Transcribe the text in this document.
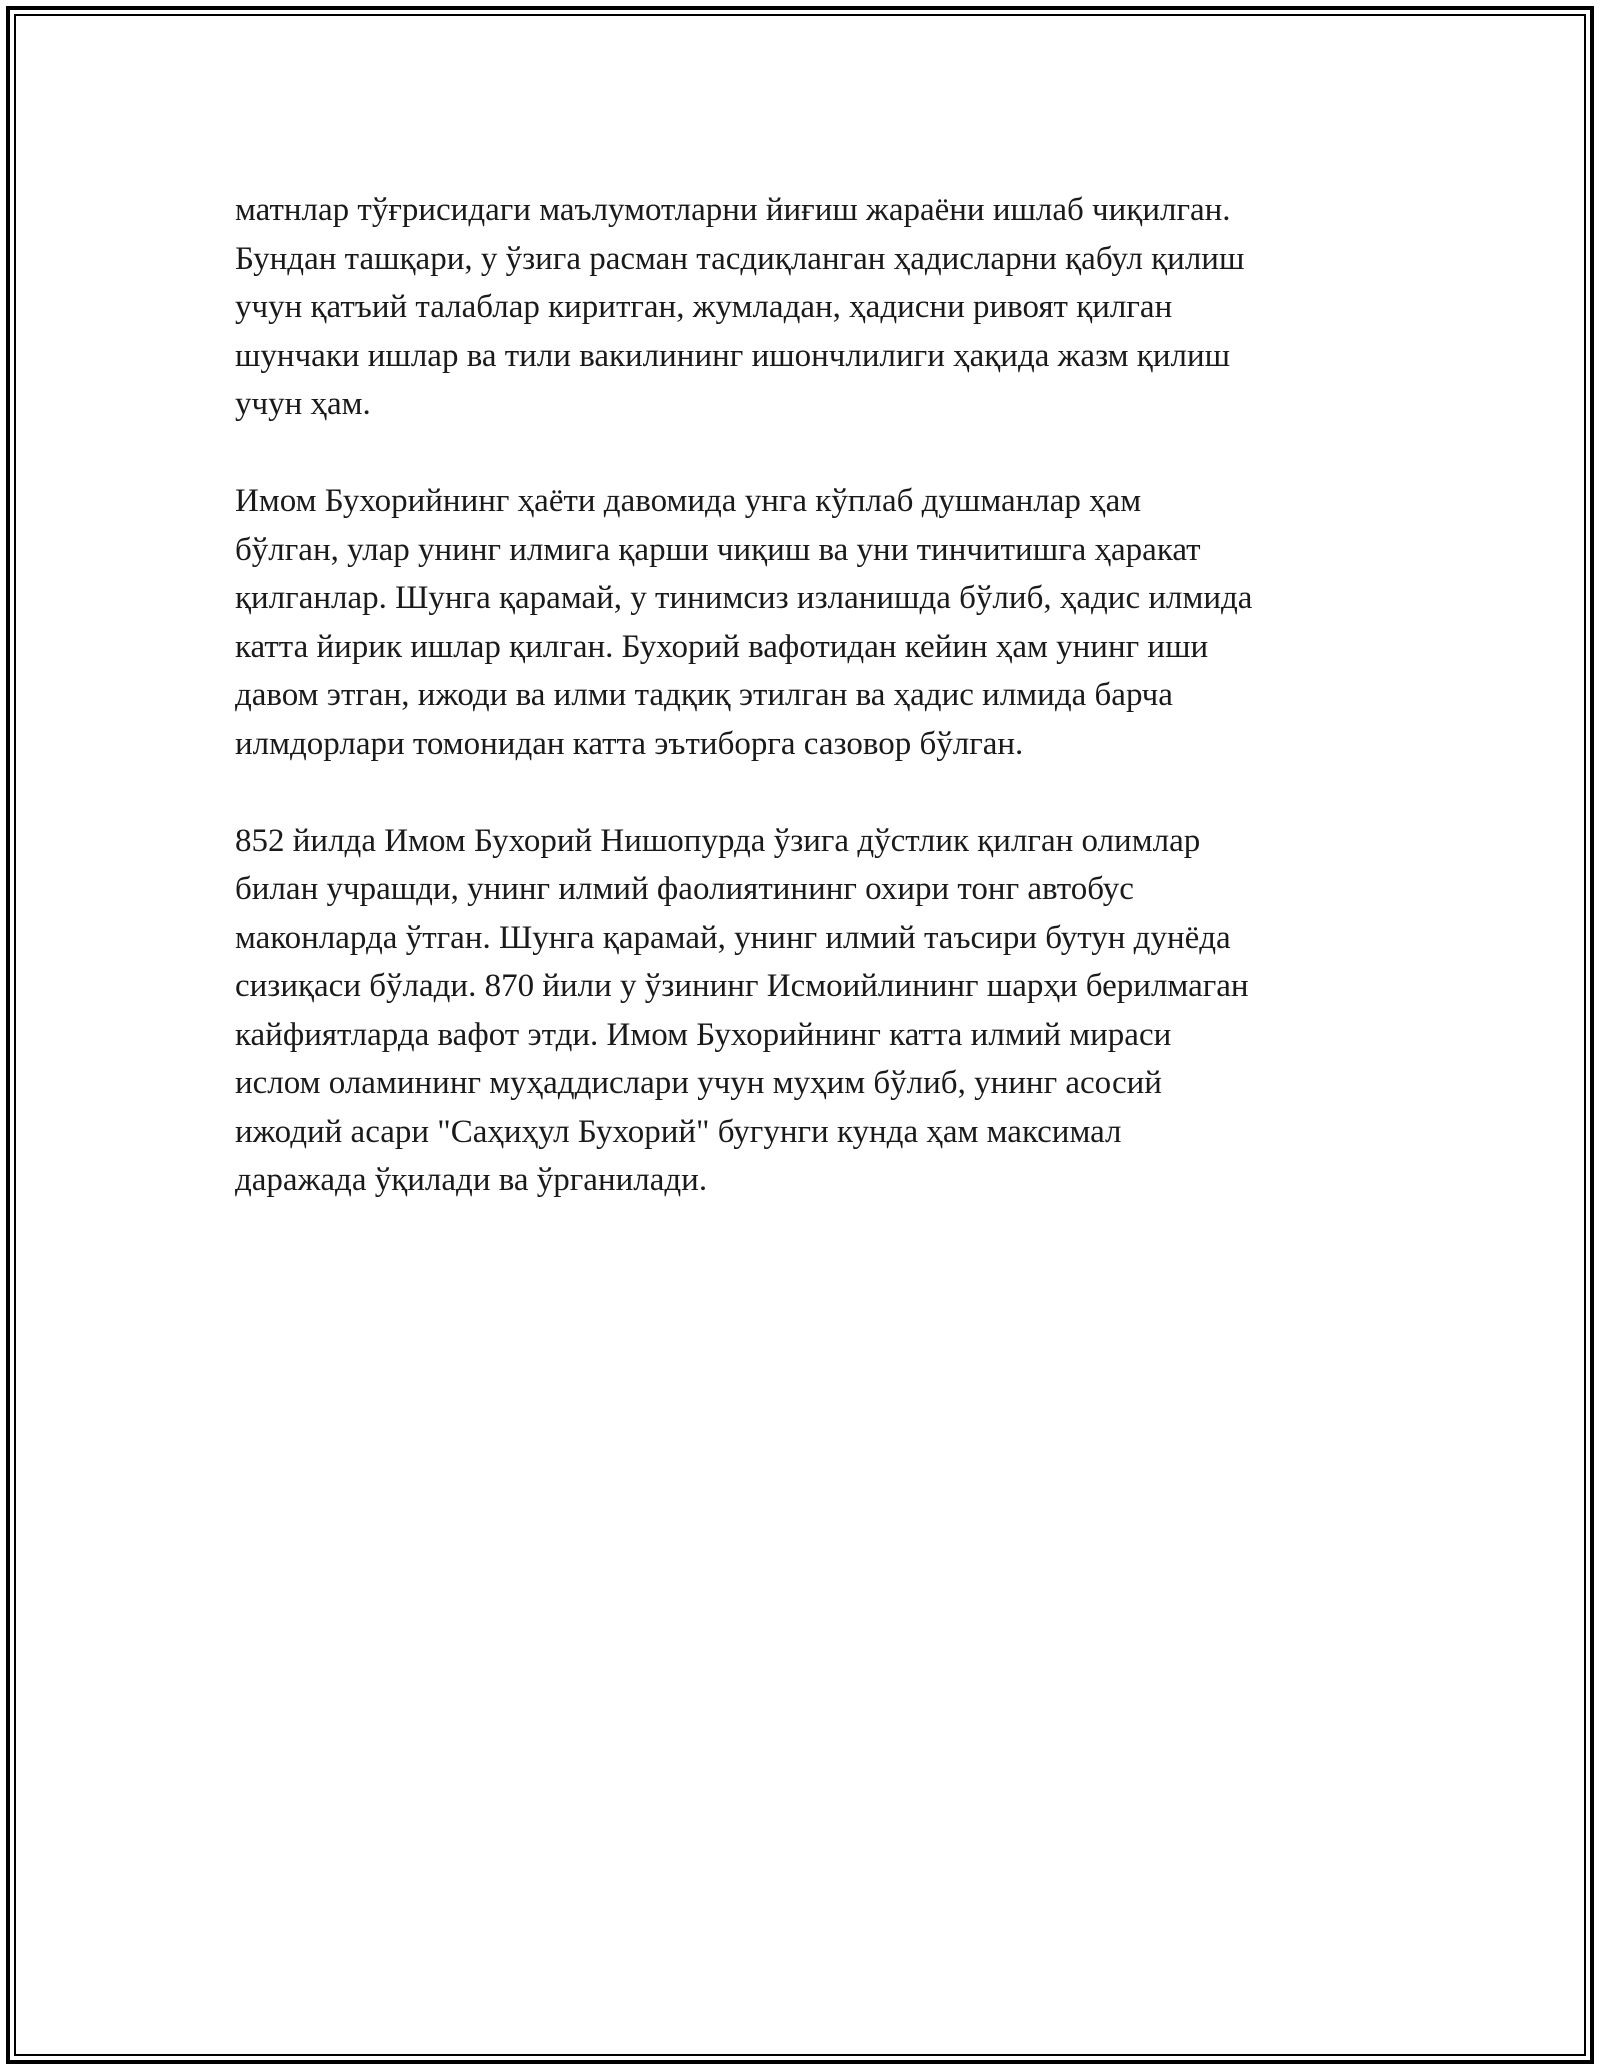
матнлар тўғрисидаги маълумотларни йиғиш жараёни ишлаб чиқилган.
Бундан ташқари, у ўзига расман тасдиқланган ҳадисларни қабул қилиш
учун қатъий талаблар киритган, жумладан, ҳадисни ривоят қилган
шунчаки ишлар ва тили вакилининг ишончлилиги ҳақида жазм қилиш
учун ҳам.

Имом Бухорийнинг ҳаёти давомида унга кўплаб душманлар ҳам
бўлган, улар унинг илмига қарши чиқиш ва уни тинчитишга ҳаракат
қилганлар. Шунга қарамай, у тинимсиз изланишда бўлиб, ҳадис илмида
катта йирик ишлар қилган. Бухорий вафотидан кейин ҳам унинг иши
давом этган, ижоди ва илми тадқиқ этилган ва ҳадис илмида барча
илмдорлари томонидан катта эътиборга сазовор бўлган.

852 йилда Имом Бухорий Нишопурда ўзига дўстлик қилган олимлар
билан учрашди, унинг илмий фаолиятининг охири тонг автобус
маконларда ўтган. Шунга қарамай, унинг илмий таъсири бутун дунёда
сизиқаси бўлади. 870 йили у ўзининг Исмоийлининг шарҳи берилмаган
кайфиятларда вафот этди. Имом Бухорийнинг катта илмий мираси
ислом оламининг муҳаддислари учун муҳим бўлиб, унинг асосий
ижодий асари "Саҳиҳул Бухорий" бугунги кунда ҳам максимал
даражада ўқилади ва ўрганилади.
